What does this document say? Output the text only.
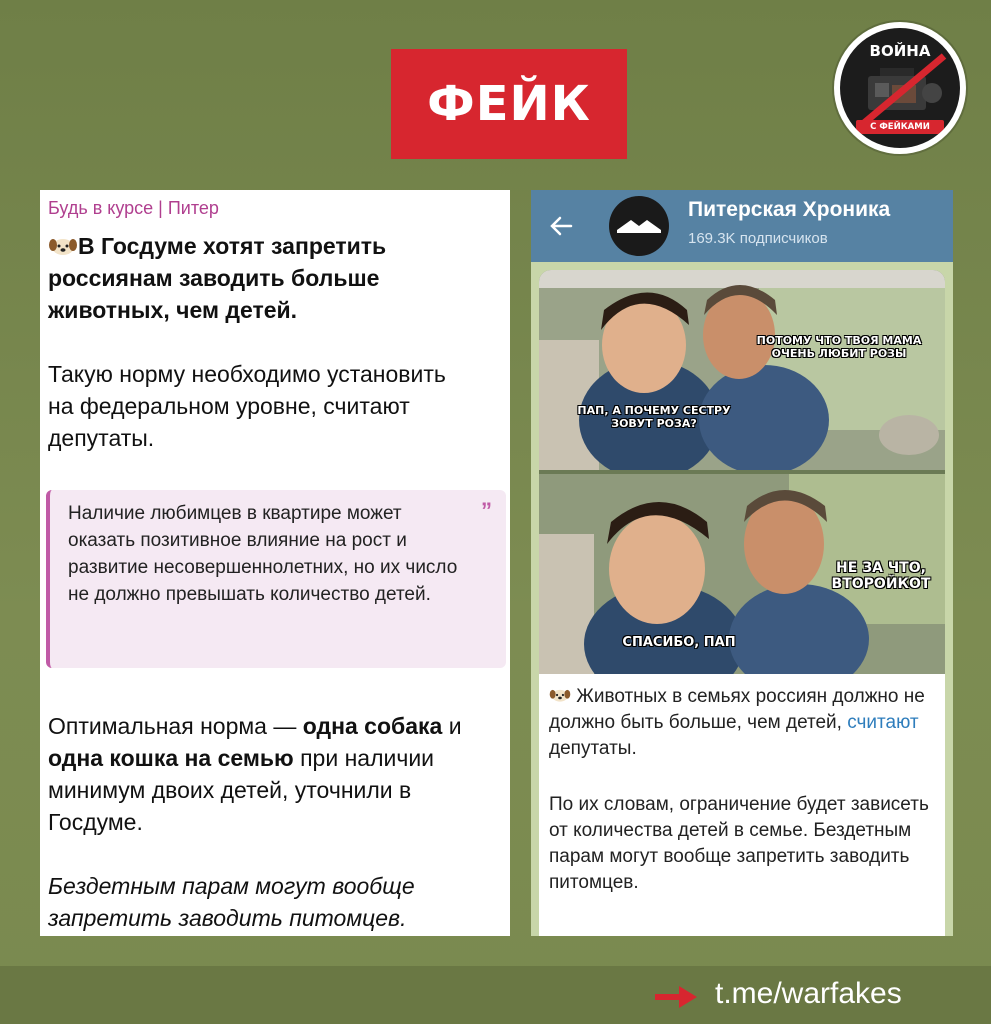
ФЕЙК
ВОЙНА
С ФЕЙКАМИ
Будь в курсе | Питер
В Госдуме хотят запретить россиянам заводить больше животных, чем детей.
Такую норму необходимо установить на федеральном уровне, считают депутаты.
Наличие любимцев в квартире может оказать позитивное влияние на рост и развитие несовершеннолетних, но их число не должно превышать количество детей.
”
Оптимальная норма — одна собака и одна кошка на семью при наличии минимум двоих детей, уточнили в Госдуме.
Бездетным парам могут вообще запретить заводить питомцев.
Питерская Хроника
169.3K подписчиков
ПОТОМУ ЧТО ТВОЯ МАМА ОЧЕНЬ ЛЮБИТ РОЗЫ
ПАП, А ПОЧЕМУ СЕСТРУ ЗОВУТ РОЗА?
НЕ ЗА ЧТО, ВТОРОЙКОТ
СПАСИБО, ПАП
Животных в семьях россиян должно не должно быть больше, чем детей, считают депутаты.
По их словам, ограничение будет зависеть от количества детей в семье. Бездетным парам могут вообще запретить заводить питомцев.
t.me/warfakes
